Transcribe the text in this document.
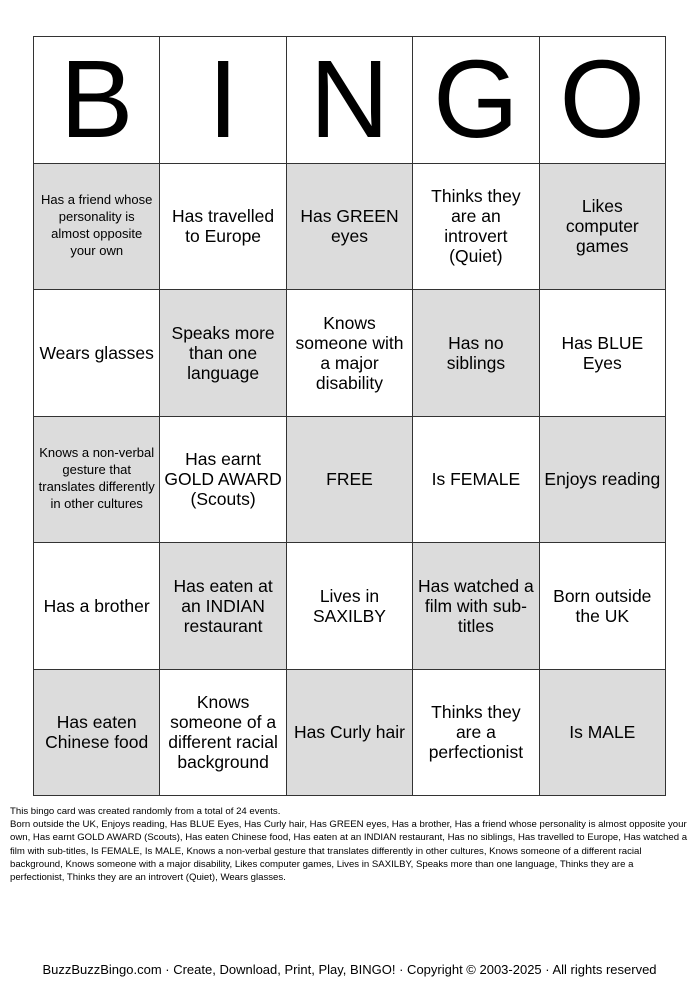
B I N G O
Has a friend whose personality is almost opposite your own
Has travelled to Europe
Has GREEN eyes
Thinks they are an introvert (Quiet)
Likes computer games
Wears glasses
Speaks more than one language
Knows someone with a major disability
Has no siblings
Has BLUE Eyes
Knows a non-verbal gesture that translates differently in other cultures
Has earnt GOLD AWARD (Scouts)
FREE	Is FEMALE Enjoys reading
Has a brother
Has eaten at an INDIAN restaurant
Lives in SAXILBY
Has watched a film with sub-titles
Born outside the UK
Has eaten Chinese food
Knows someone of a different racial background
Has Curly hair
Thinks they are a perfectionist
Is MALE

This bingo card was created randomly from a total of 24 events.

Born outside the UK, Enjoys reading, Has BLUE Eyes, Has Curly hair, Has GREEN eyes, Has a brother, Has a friend whose personality is almost opposite your own, Has earnt GOLD AWARD (Scouts), Has eaten Chinese food, Has eaten at an INDIAN restaurant, Has no siblings, Has travelled to Europe, Has watched a film with sub-titles, Is FEMALE, Is MALE, Knows a non-verbal gesture that translates differently in other cultures, Knows someone of a different racial background, Knows someone with a major disability, Likes computer games, Lives in SAXILBY, Speaks more than one language, Thinks they are a perfectionist, Thinks they are an introvert (Quiet), Wears glasses.

BuzzBuzzBingo.com · Create, Download, Print, Play, BINGO! · Copyright © 2003-2025 · All rights reserved
